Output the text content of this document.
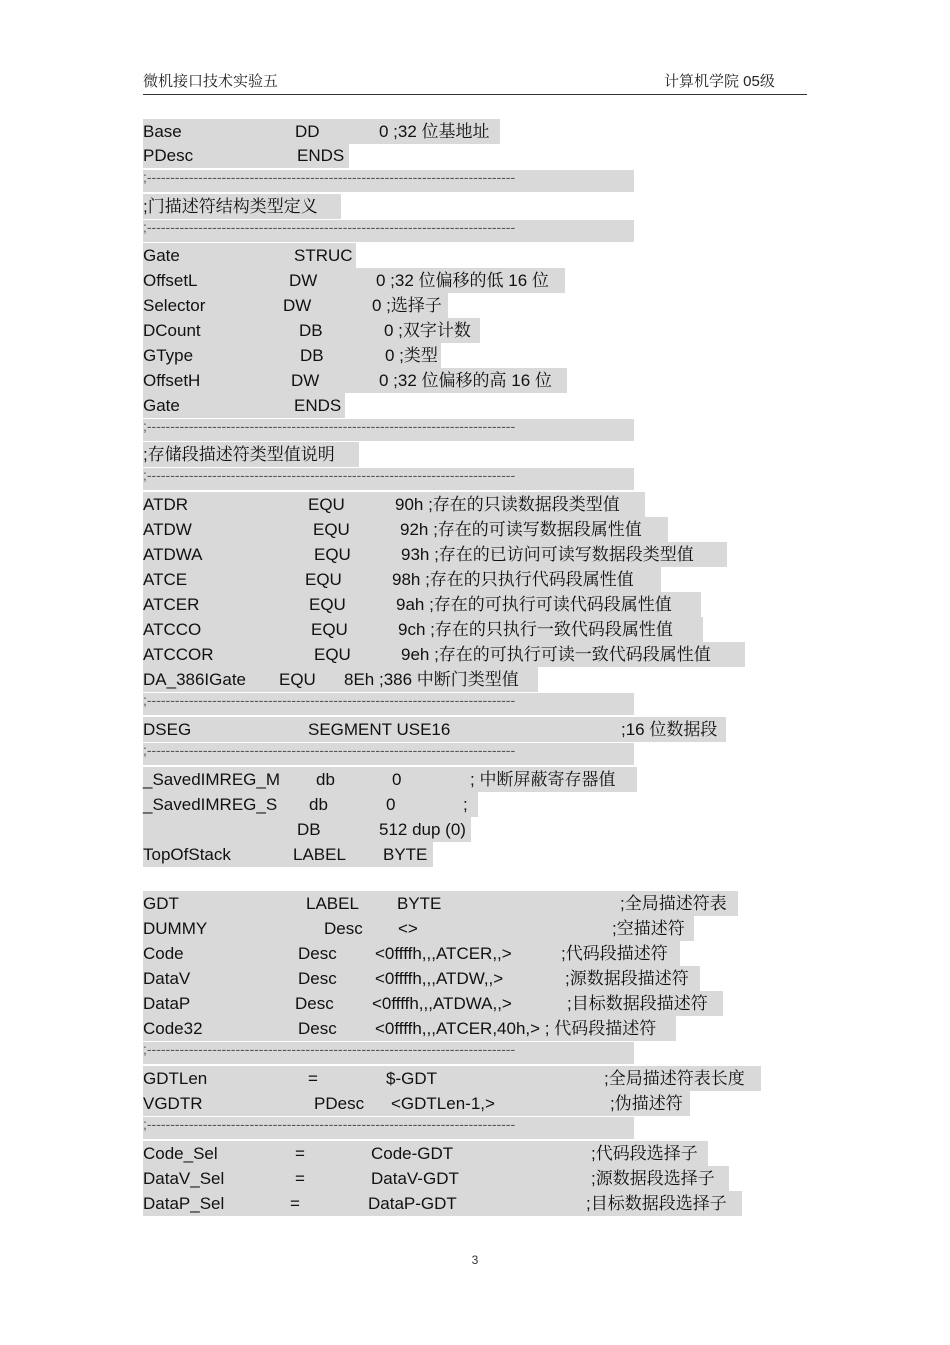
微机接口技术实验五	计算机学院 05级
Base	DD	0 ;32 位基地址
PDesc	ENDS
;-------------------------------------------------------------------------------
;门描述符结构类型定义
;-------------------------------------------------------------------------------
Gate	STRUC
OffsetL	DW	0 ;32 位偏移的低 16 位
Selector	DW	0 ;选择子
DCount	DB	0 ;双字计数
GType	DB	0 ;类型
OffsetH	DW	0 ;32 位偏移的高 16 位
Gate	ENDS
;-------------------------------------------------------------------------------
;存储段描述符类型值说明
;-------------------------------------------------------------------------------
ATDR	EQU	90h ;存在的只读数据段类型值
ATDW	EQU	92h ;存在的可读写数据段属性值
ATDWA	EQU	93h ;存在的已访问可读写数据段类型值
ATCE	EQU	98h ;存在的只执行代码段属性值
ATCER	EQU	9ah ;存在的可执行可读代码段属性值
ATCCO	EQU	9ch ;存在的只执行一致代码段属性值
ATCCOR	EQU	9eh ;存在的可执行可读一致代码段属性值
DA_386IGate EQU 8Eh ;386 中断门类型值
;-------------------------------------------------------------------------------
DSEG	SEGMENT USE16	;16 位数据段
;-------------------------------------------------------------------------------
_SavedIMREG_M db	0	; 中断屏蔽寄存器值
_SavedIMREG_S db	0	;
DB	512 dup (0)
TopOfStack	LABEL BYTE
GDT	LABEL BYTE	;全局描述符表
DUMMY	Desc <>	;空描述符
Code	Desc <0ffffh,,,ATCER,,>	;代码段描述符
DataV	Desc <0ffffh,,,ATDW,,>	;源数据段描述符
DataP	Desc <0ffffh,,,ATDWA,,>	;目标数据段描述符
Code32	Desc <0ffffh,,,ATCER,40h,> ; 代码段描述符
;-------------------------------------------------------------------------------
GDTLen	=	$-GDT	;全局描述符表长度
VGDTR	PDesc <GDTLen-1,>	;伪描述符
;-------------------------------------------------------------------------------
Code_Sel	=	Code-GDT	;代码段选择子
DataV_Sel	=	DataV-GDT	;源数据段选择子
DataP_Sel	=	DataP-GDT	;目标数据段选择子
3
